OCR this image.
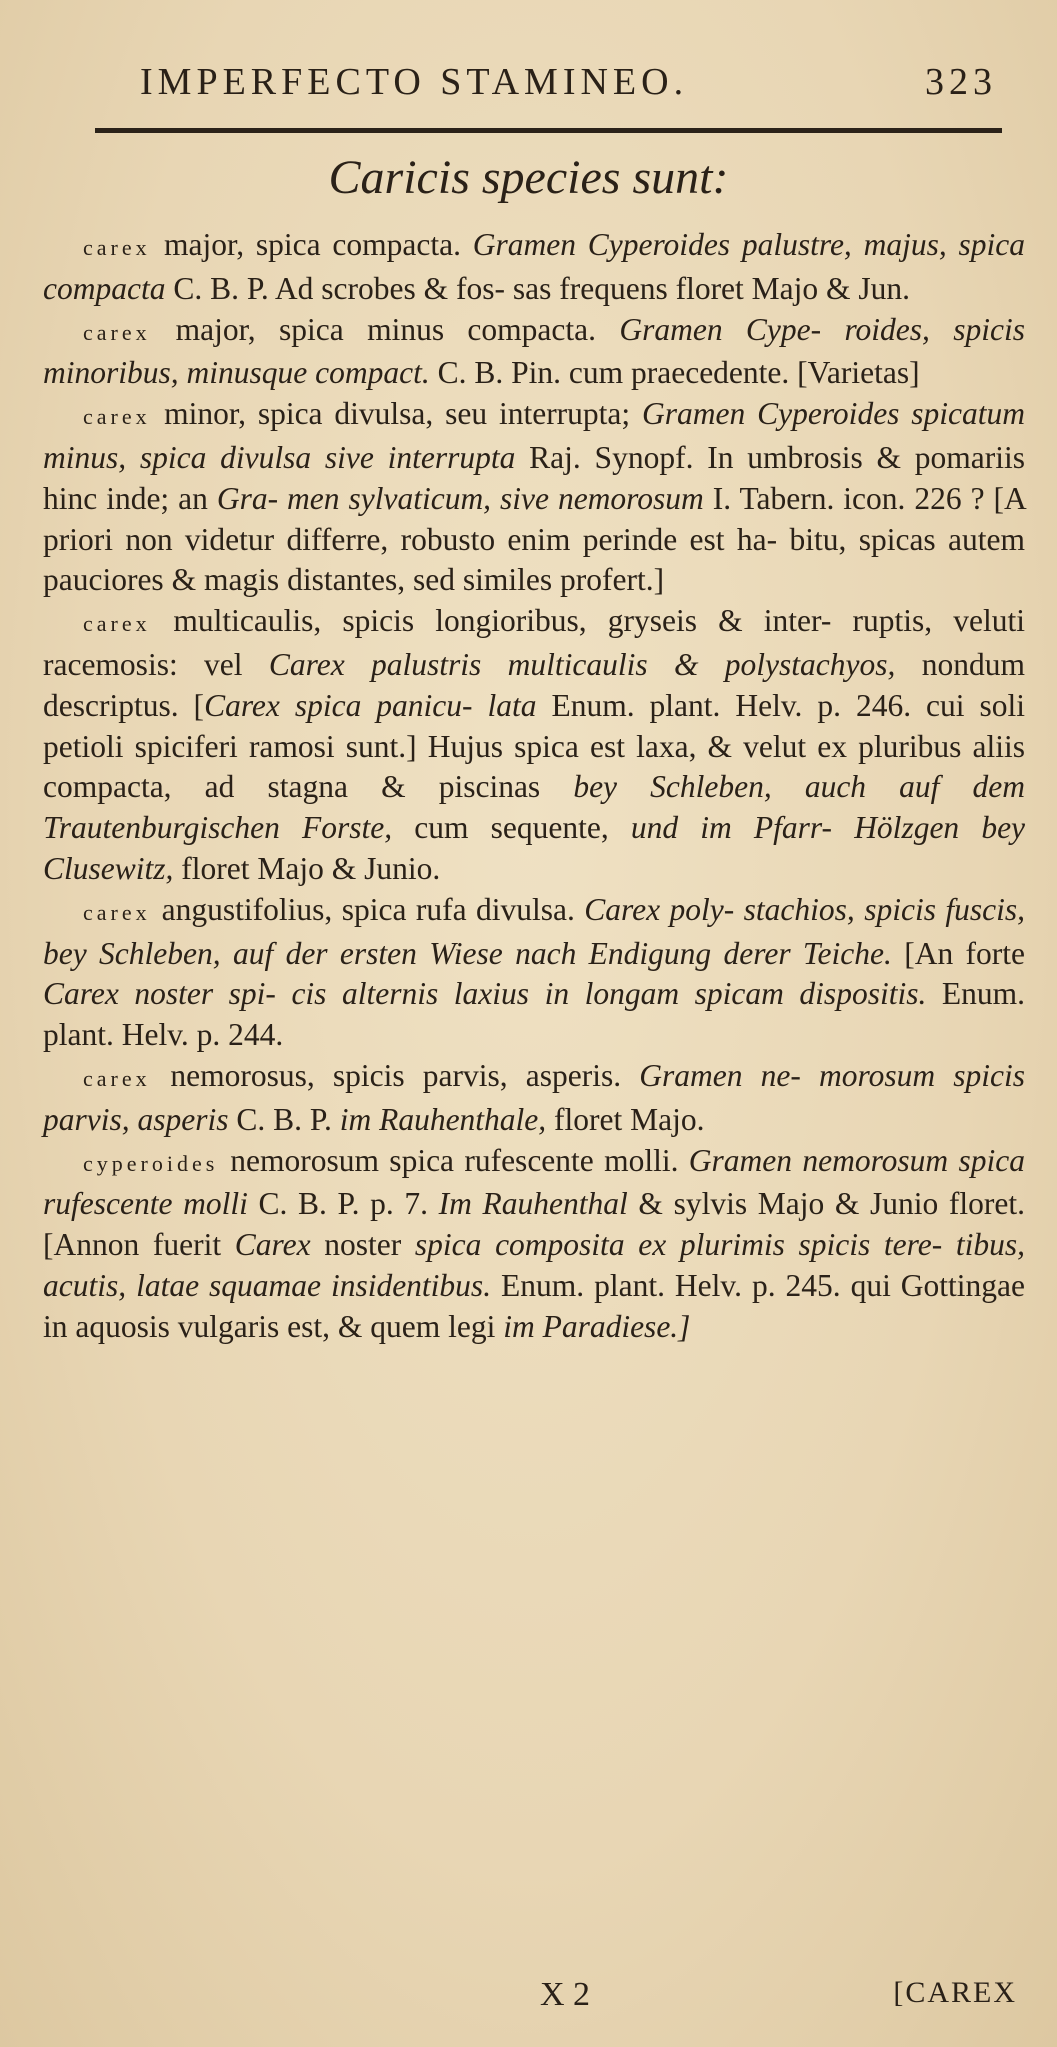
IMPERFECTO STAMINEO.	323
Caricis species sunt:

carex major, spica compacta. Gramen Cyperoides palustre, majus, spica compacta C. B. P. Ad scrobes & fos- sas frequens floret Majo & Jun.

carex major, spica minus compacta. Gramen Cype- roides, spicis minoribus, minusque compact. C. B. Pin. cum praecedente. [Varietas]

carex minor, spica divulsa, seu interrupta; Gramen Cyperoides spicatum minus, spica divulsa sive interrupta Raj. Synopf. In umbrosis & pomariis hinc inde; an Gra- men sylvaticum, sive nemorosum I. Tabern. icon. 226 ? [A priori non videtur differre, robusto enim perinde est ha- bitu, spicas autem pauciores & magis distantes, sed similes profert.]

carex multicaulis, spicis longioribus, gryseis & inter- ruptis, veluti racemosis: vel Carex palustris multicaulis & polystachyos, nondum descriptus. [Carex spica panicu- lata Enum. plant. Helv. p. 246. cui soli petioli spiciferi ramosi sunt.] Hujus spica est laxa, & velut ex pluribus aliis compacta, ad stagna & piscinas bey Schleben, auch auf dem Trautenburgischen Forste, cum sequente, und im Pfarr- Hölzgen bey Clusewitz, floret Majo & Junio.

carex angustifolius, spica rufa divulsa. Carex poly- stachios, spicis fuscis, bey Schleben, auf der ersten Wiese nach Endigung derer Teiche. [An forte Carex noster spi- cis alternis laxius in longam spicam dispositis. Enum. plant. Helv. p. 244.

carex nemorosus, spicis parvis, asperis. Gramen ne- morosum spicis parvis, asperis C. B. P. im Rauhenthale, floret Majo.

cyperoides nemorosum spica rufescente molli. Gramen nemorosum spica rufescente molli C. B. P. p. 7. Im Rauhenthal & sylvis Majo & Junio floret. [Annon fuerit Carex noster spica composita ex plurimis spicis tere- tibus, acutis, latae squamae insidentibus. Enum. plant. Helv. p. 245. qui Gottingae in aquosis vulgaris est, & quem legi im Paradiese.]

X 2	[CAREX
